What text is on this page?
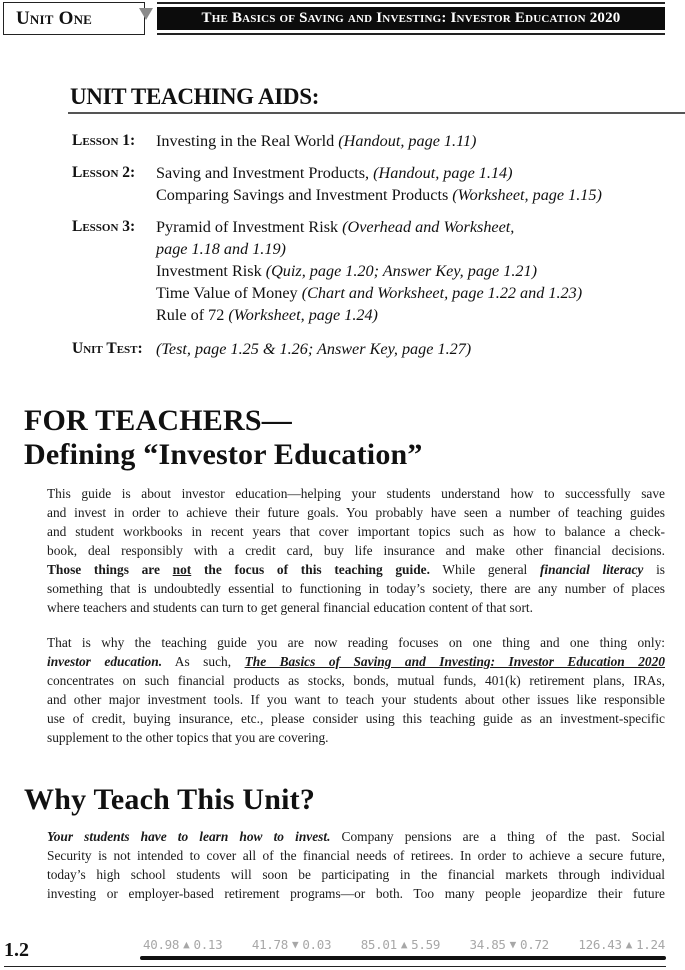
Unit One	The Basics of Saving and Investing: Investor Education 2020
UNIT TEACHING AIDS:
Lesson 1:	Investing in the Real World (Handout, page 1.11)
Lesson 2:	Saving and Investment Products, (Handout, page 1.14)
Comparing Savings and Investment Products (Worksheet, page 1.15)
Lesson 3:	Pyramid of Investment Risk (Overhead and Worksheet,
page 1.18 and 1.19)
Investment Risk (Quiz, page 1.20; Answer Key, page 1.21)
Time Value of Money (Chart and Worksheet, page 1.22 and 1.23)
Rule of 72 (Worksheet, page 1.24)
Unit Test: (Test, page 1.25 & 1.26; Answer Key, page 1.27)
FOR TEACHERS—
Defining “Investor Education”
This guide is about investor education—helping your students understand how to successfully save
and invest in order to achieve their future goals. You probably have seen a number of teaching guides
and student workbooks in recent years that cover important topics such as how to balance a check-
book, deal responsibly with a credit card, buy life insurance and make other financial decisions.
Those things are not the focus of this teaching guide. While general financial literacy is
something that is undoubtedly essential to functioning in today’s society, there are any number of places
where teachers and students can turn to get general financial education content of that sort.
That is why the teaching guide you are now reading focuses on one thing and one thing only:
investor education. As such, The Basics of Saving and Investing: Investor Education 2020
concentrates on such financial products as stocks, bonds, mutual funds, 401(k) retirement plans, IRAs,
and other major investment tools. If you want to teach your students about other issues like responsible
use of credit, buying insurance, etc., please consider using this teaching guide as an investment-specific
supplement to the other topics that you are covering.
Why Teach This Unit?
Your students have to learn how to invest. Company pensions are a thing of the past. Social
Security is not intended to cover all of the financial needs of retirees. In order to achieve a secure future,
today’s high school students will soon be participating in the financial markets through individual
investing or employer-based retirement programs—or both. Too many people jeopardize their future
1.2	40.98 ▲ 0.13 41.78 ▼ 0.03 85.01 ▲ 5.59 34.85 ▼ 0.72 126.43 ▲ 1.24
